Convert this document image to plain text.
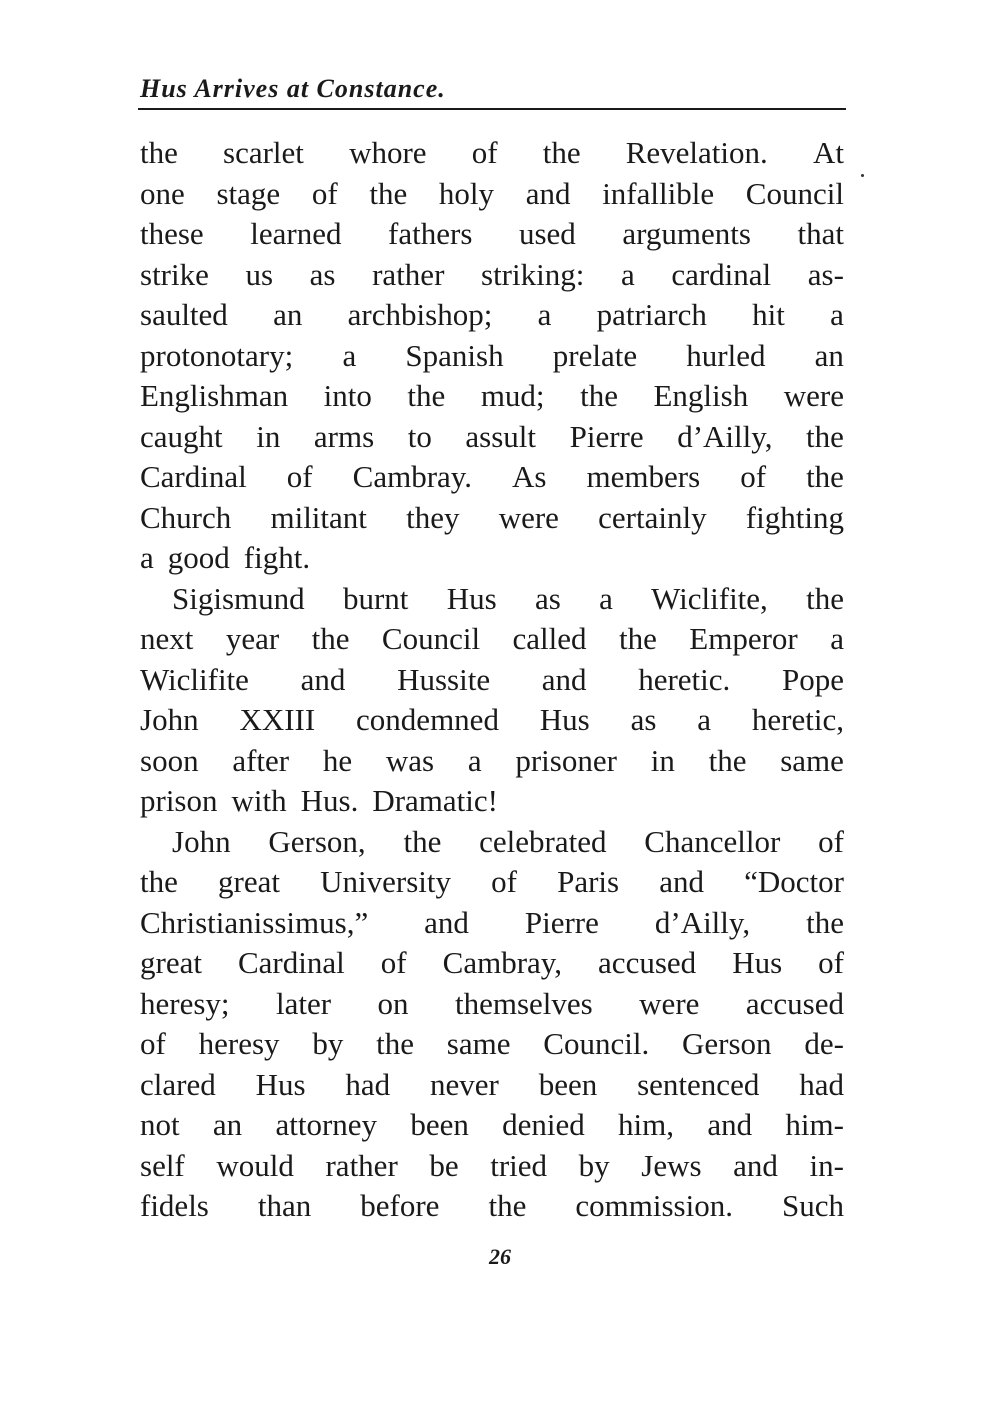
Hus Arrives at Constance.
the scarlet whore of the Revelation. At
one stage of the holy and infallible Council
these learned fathers used arguments that
strike us as rather striking: a cardinal as-
saulted an archbishop; a patriarch hit a
protonotary; a Spanish prelate hurled an
Englishman into the mud; the English were
caught in arms to assult Pierre d’Ailly, the
Cardinal of Cambray. As members of the
Church militant they were certainly fighting
a good fight.
Sigismund burnt Hus as a Wiclifite, the
next year the Council called the Emperor a
Wiclifite and Hussite and heretic. Pope
John XXIII condemned Hus as a heretic,
soon after he was a prisoner in the same
prison with Hus. Dramatic!
John Gerson, the celebrated Chancellor of
the great University of Paris and “Doctor
Christianissimus,” and Pierre d’Ailly, the
great Cardinal of Cambray, accused Hus of
heresy; later on themselves were accused
of heresy by the same Council. Gerson de-
clared Hus had never been sentenced had
not an attorney been denied him, and him-
self would rather be tried by Jews and in-
fidels than before the commission. Such
26
